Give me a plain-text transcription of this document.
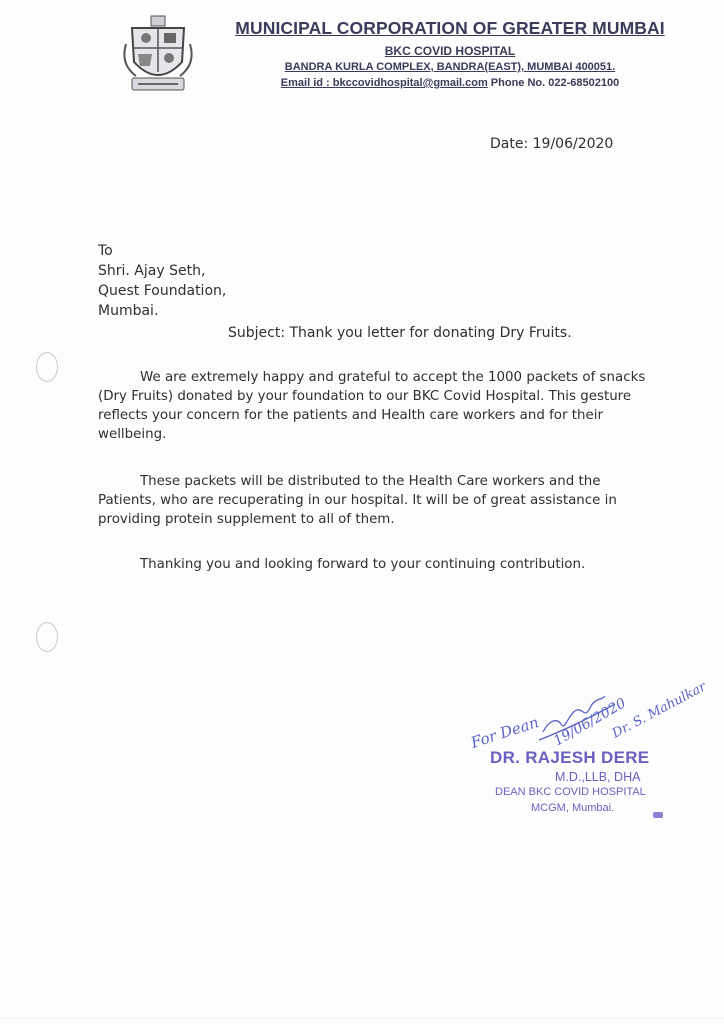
MUNICIPAL CORPORATION OF GREATER MUMBAI
BKC COVID HOSPITAL
BANDRA KURLA COMPLEX, BANDRA(EAST), MUMBAI 400051.
Email id : bkccovidhospital@gmail.com Phone No. 022-68502100
Date: 19/06/2020
To
Shri. Ajay Seth,
Quest Foundation,
Mumbai.
Subject: Thank you letter for donating Dry Fruits.
We are extremely happy and grateful to accept the 1000 packets of snacks (Dry Fruits) donated by your foundation to our BKC Covid Hospital. This gesture reflects your concern for the patients and Health care workers and for their wellbeing.
These packets will be distributed to the Health Care workers and the Patients, who are recuperating in our hospital. It will be of great assistance in providing protein supplement to all of them.
Thanking you and looking forward to your continuing contribution.
For Dean 19/06/2020
Dr. S. Mahulkar
DR. RAJESH DERE
M.D.,LLB, DHA
DEAN BKC COVID HOSPITAL
MCGM, Mumbai.
